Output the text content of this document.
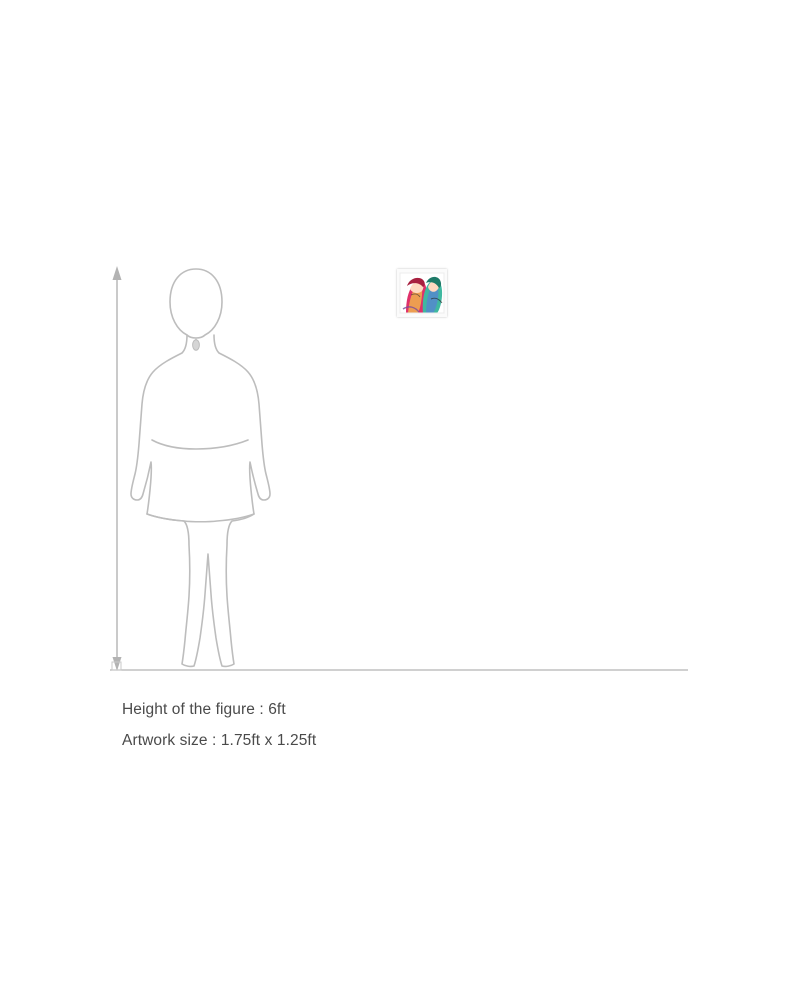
Height of the figure : 6ft
Artwork size : 1.75ft x 1.25ft
